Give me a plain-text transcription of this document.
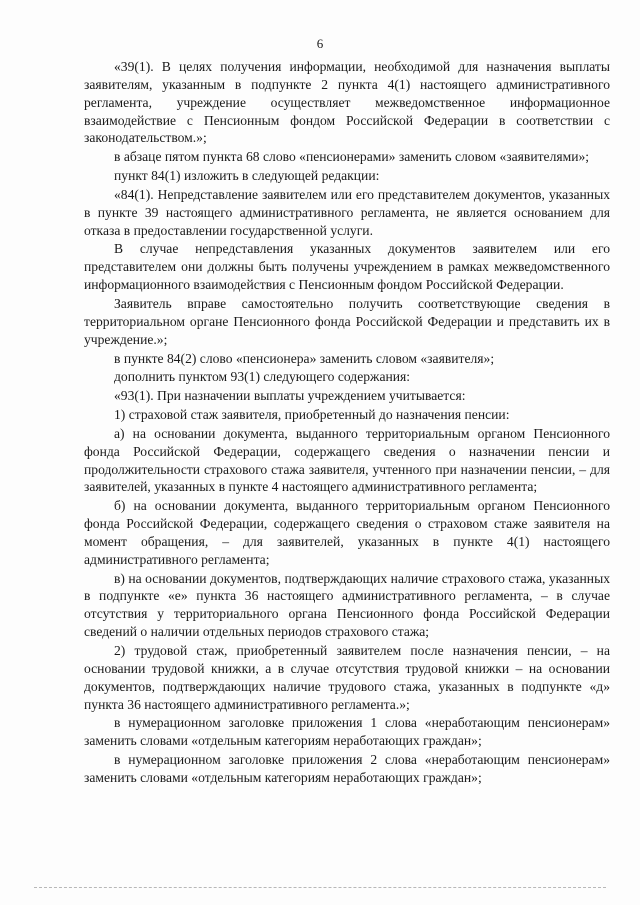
6

«39(1). В целях получения информации, необходимой для назначения выплаты заявителям, указанным в подпункте 2 пункта 4(1) настоящего административного регламента, учреждение осуществляет межведомственное информационное взаимодействие с Пенсионным фондом Российской Федерации в соответствии с законодательством.»;

в абзаце пятом пункта 68 слово «пенсионерами» заменить словом «заявителями»;

пункт 84(1) изложить в следующей редакции:

«84(1). Непредставление заявителем или его представителем документов, указанных в пункте 39 настоящего административного регламента, не является основанием для отказа в предоставлении государственной услуги.

В случае непредставления указанных документов заявителем или его представителем они должны быть получены учреждением в рамках межведомственного информационного взаимодействия с Пенсионным фондом Российской Федерации.

Заявитель вправе самостоятельно получить соответствующие сведения в территориальном органе Пенсионного фонда Российской Федерации и представить их в учреждение.»;

в пункте 84(2) слово «пенсионера» заменить словом «заявителя»;

дополнить пунктом 93(1) следующего содержания:

«93(1). При назначении выплаты учреждением учитывается:

1) страховой стаж заявителя, приобретенный до назначения пенсии:

а) на основании документа, выданного территориальным органом Пенсионного фонда Российской Федерации, содержащего сведения о назначении пенсии и продолжительности страхового стажа заявителя, учтенного при назначении пенсии, – для заявителей, указанных в пункте 4 настоящего административного регламента;

б) на основании документа, выданного территориальным органом Пенсионного фонда Российской Федерации, содержащего сведения о страховом стаже заявителя на момент обращения, – для заявителей, указанных в пункте 4(1) настоящего административного регламента;

в) на основании документов, подтверждающих наличие страхового стажа, указанных в подпункте «е» пункта 36 настоящего административного регламента, – в случае отсутствия у территориального органа Пенсионного фонда Российской Федерации сведений о наличии отдельных периодов страхового стажа;

2) трудовой стаж, приобретенный заявителем после назначения пенсии, – на основании трудовой книжки, а в случае отсутствия трудовой книжки – на основании документов, подтверждающих наличие трудового стажа, указанных в подпункте «д» пункта 36 настоящего административного регламента.»;

в нумерационном заголовке приложения 1 слова «неработающим пенсионерам» заменить словами «отдельным категориям неработающих граждан»;

в нумерационном заголовке приложения 2 слова «неработающим пенсионерам» заменить словами «отдельным категориям неработающих граждан»;
